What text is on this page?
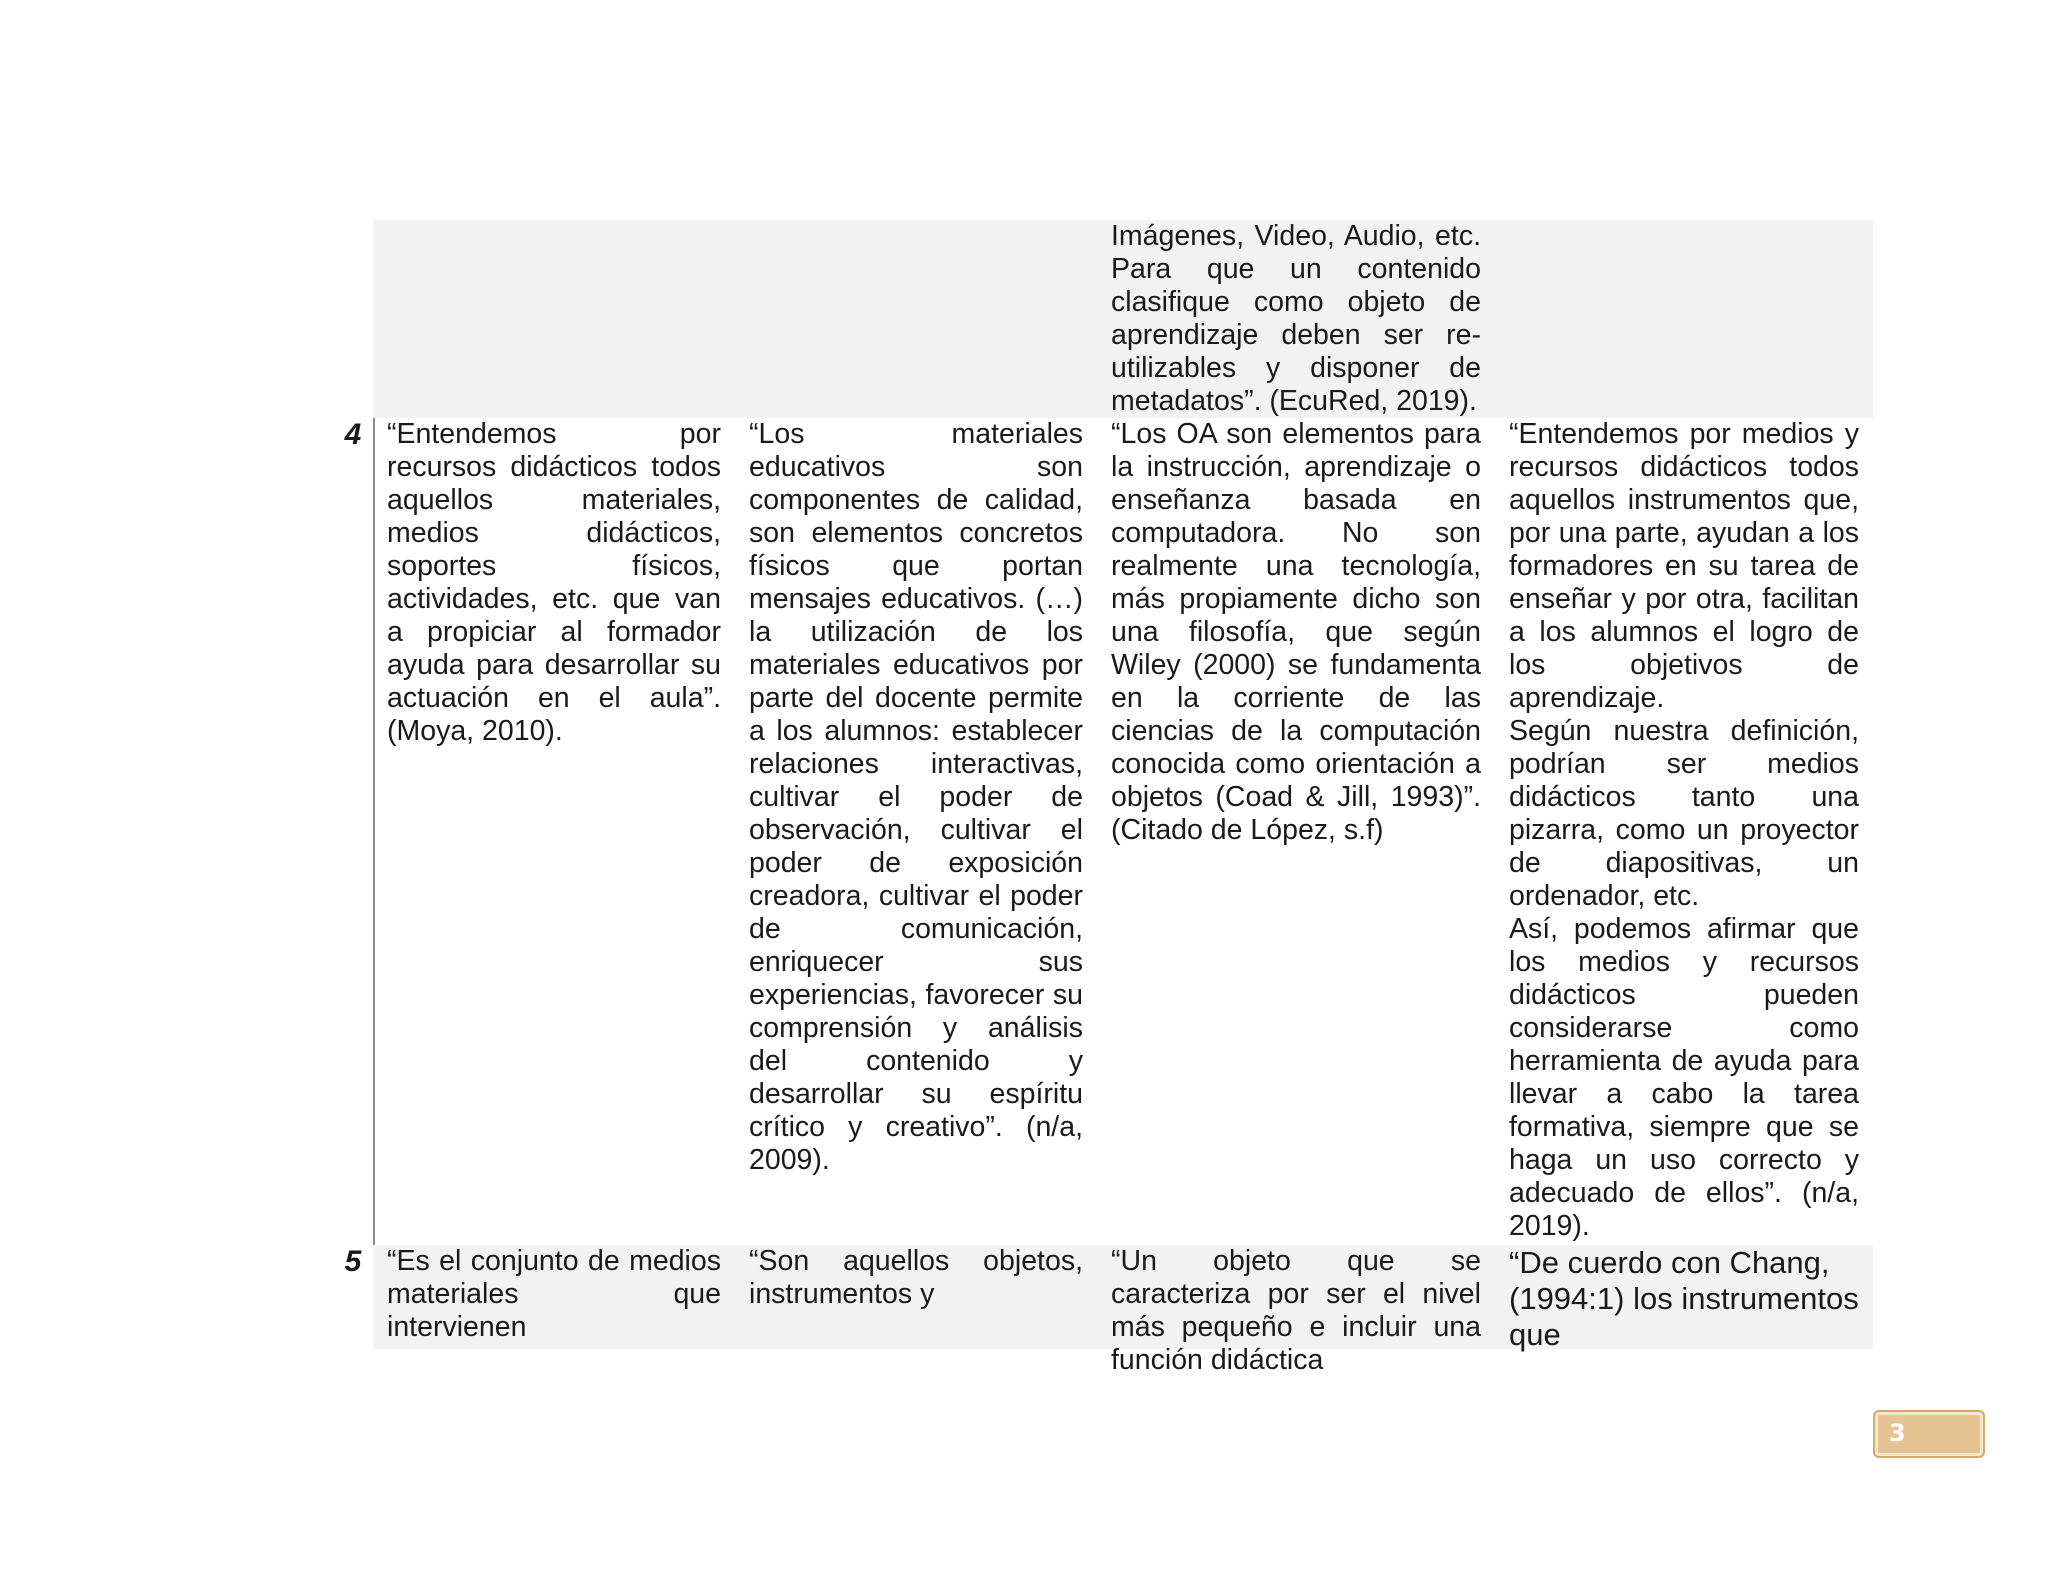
Imágenes, Video, Audio, etc. Para que un contenido clasifique como objeto de aprendizaje deben ser re-utilizables y disponer de metadatos”. (EcuRed, 2019).

4 “Entendemos por recursos didácticos todos aquellos materiales, medios didácticos, soportes físicos, actividades, etc. que van a propiciar al formador ayuda para desarrollar su actuación en el aula”. (Moya, 2010).

“Los materiales educativos son componentes de calidad, son elementos concretos físicos que portan mensajes educativos. (…) la utilización de los materiales educativos por parte del docente permite a los alumnos: establecer relaciones interactivas, cultivar el poder de observación, cultivar el poder de exposición creadora, cultivar el poder de comunicación, enriquecer sus experiencias, favorecer su comprensión y análisis del contenido y desarrollar su espíritu crítico y creativo”. (n/a, 2009).

“Los OA son elementos para la instrucción, aprendizaje o enseñanza basada en computadora. No son realmente una tecnología, más propiamente dicho son una filosofía, que según Wiley (2000) se fundamenta en la corriente de las ciencias de la computación conocida como orientación a objetos (Coad & Jill, 1993)”. (Citado de López, s.f)

“Entendemos por medios y recursos didácticos todos aquellos instrumentos que, por una parte, ayudan a los formadores en su tarea de enseñar y por otra, facilitan a los alumnos el logro de los objetivos de aprendizaje.

Según nuestra definición, podrían ser medios didácticos tanto una pizarra, como un proyector de diapositivas, un ordenador, etc.

Así, podemos afirmar que los medios y recursos didácticos pueden considerarse como herramienta de ayuda para llevar a cabo la tarea formativa, siempre que se haga un uso correcto y adecuado de ellos”. (n/a, 2019).

5 “Es el conjunto de medios materiales que intervienen

“Son aquellos objetos, instrumentos y

“Un objeto que se caracteriza por ser el nivel más pequeño e incluir una función didáctica

“De cuerdo con Chang, (1994:1) los instrumentos que

3
